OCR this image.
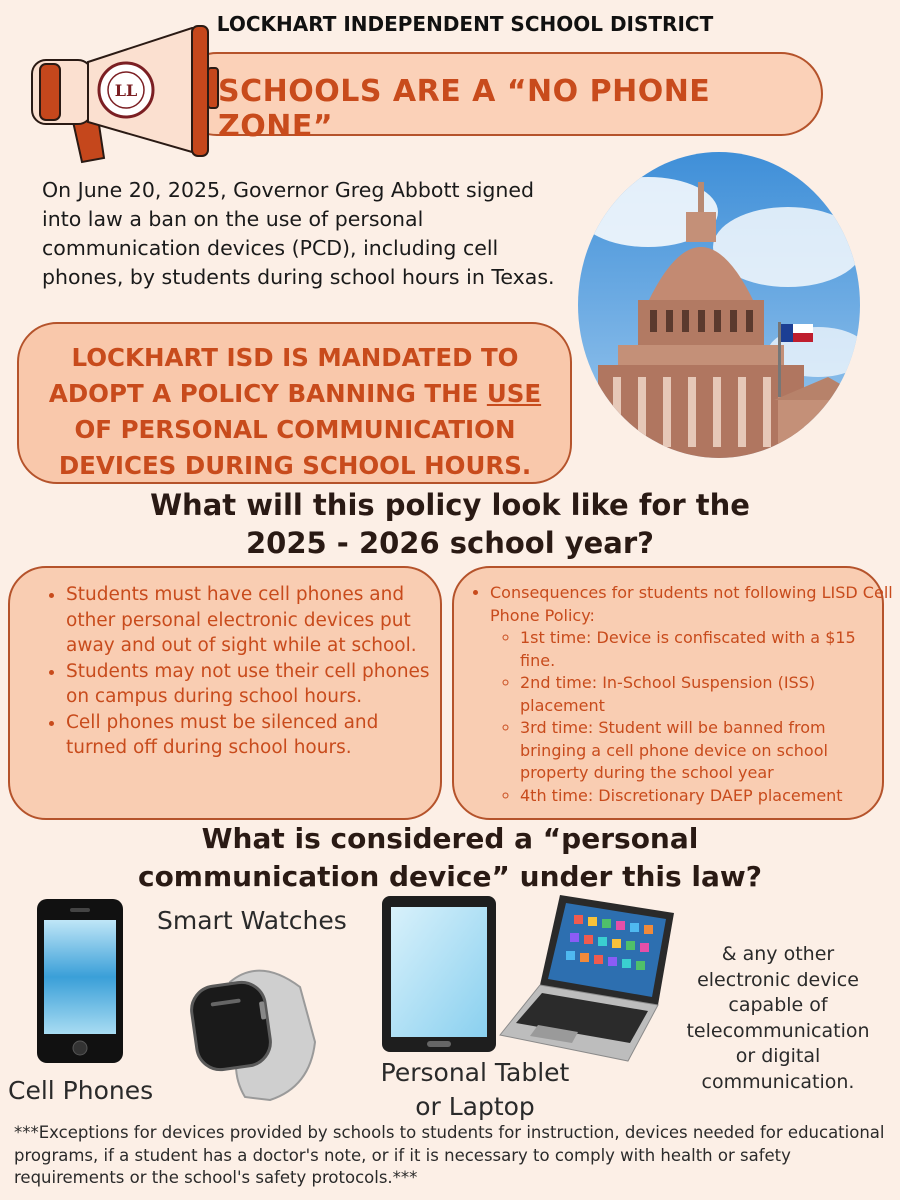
LOCKHART INDEPENDENT SCHOOL DISTRICT
SCHOOLS ARE A “NO PHONE ZONE”
LL
On June 20, 2025, Governor Greg Abbott signed into law a ban on the use of personal communication devices (PCD), including cell phones, by students during school hours in Texas.
LOCKHART ISD IS MANDATED TO ADOPT A POLICY BANNING THE USE OF PERSONAL COMMUNICATION DEVICES DURING SCHOOL HOURS.
What will this policy look like for the
2025 - 2026 school year?
• Students must have cell phones and other personal electronic devices put away and out of sight while at school.
• Students may not use their cell phones on campus during school hours.
• Cell phones must be silenced and turned off during school hours.
• Consequences for students not following LISD Cell Phone Policy:
◦ 1st time: Device is confiscated with a $15 fine.
◦ 2nd time: In-School Suspension (ISS) placement
◦ 3rd time: Student will be banned from bringing a cell phone device on school property during the school year
◦ 4th time: Discretionary DAEP placement
What is considered a “personal
communication device” under this law?
Smart Watches
Cell Phones
Personal Tablet
or Laptop
& any other electronic device capable of telecommunication or digital communication.
***Exceptions for devices provided by schools to students for instruction, devices needed for educational programs, if a student has a doctor's note, or if it is necessary to comply with health or safety requirements or the school's safety protocols.***
